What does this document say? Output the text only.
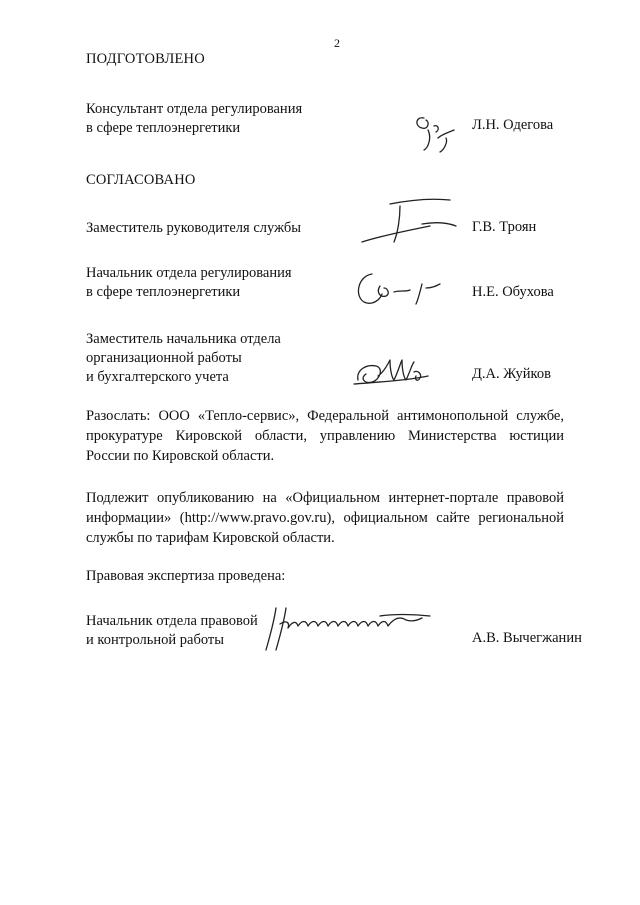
2
ПОДГОТОВЛЕНО
Консультант отдела регулирования
в сфере теплоэнергетики	Л.Н. Одегова
СОГЛАСОВАНО
Заместитель руководителя службы	Г.В. Троян
Начальник отдела регулирования
в сфере теплоэнергетики	Н.Е. Обухова
Заместитель начальника отдела
организационной работы
и бухгалтерского учета	Д.А. Жуйков
Разослать: ООО «Тепло-сервис», Федеральной антимонопольной службе, прокуратуре Кировской области, управлению Министерства юстиции России по Кировской области.
Подлежит опубликованию на «Официальном интернет-портале правовой информации» (http://www.pravo.gov.ru), официальном сайте региональной службы по тарифам Кировской области.
Правовая экспертиза проведена:
Начальник отдела правовой
и контрольной работы	А.В. Вычегжанин
